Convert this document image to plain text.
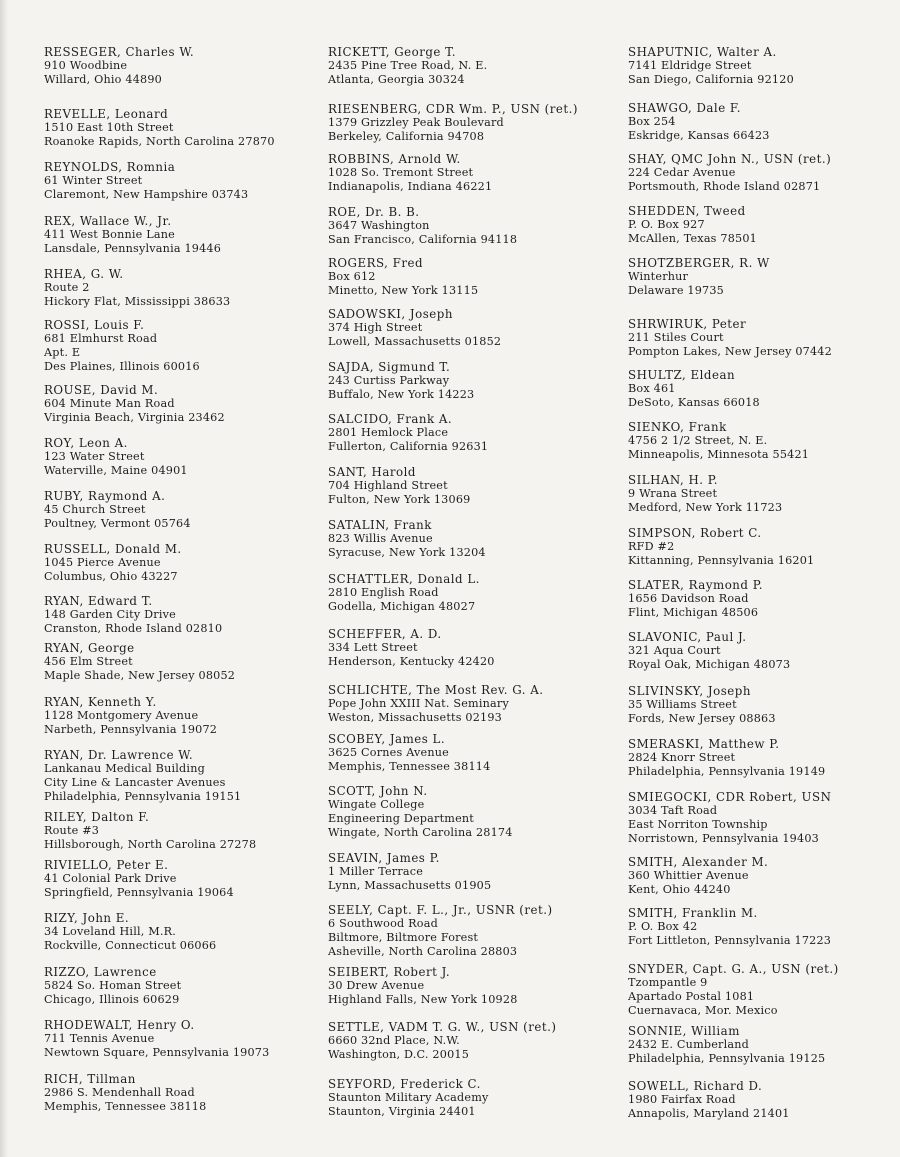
RESSEGER, Charles W.
910 Woodbine
Willard, Ohio 44890
REVELLE, Leonard
1510 East 10th Street
Roanoke Rapids, North Carolina 27870
REYNOLDS, Romnia
61 Winter Street
Claremont, New Hampshire 03743
REX, Wallace W., Jr.
411 West Bonnie Lane
Lansdale, Pennsylvania 19446
RHEA, G. W.
Route 2
Hickory Flat, Mississippi 38633
ROSSI, Louis F.
681 Elmhurst Road
Apt. E
Des Plaines, Illinois 60016
ROUSE, David M.
604 Minute Man Road
Virginia Beach, Virginia 23462
ROY, Leon A.
123 Water Street
Waterville, Maine 04901
RUBY, Raymond A.
45 Church Street
Poultney, Vermont 05764
RUSSELL, Donald M.
1045 Pierce Avenue
Columbus, Ohio 43227
RYAN, Edward T.
148 Garden City Drive
Cranston, Rhode Island 02810
RYAN, George
456 Elm Street
Maple Shade, New Jersey 08052
RYAN, Kenneth Y.
1128 Montgomery Avenue
Narbeth, Pennsylvania 19072
RYAN, Dr. Lawrence W.
Lankanau Medical Building
City Line & Lancaster Avenues
Philadelphia, Pennsylvania 19151
RILEY, Dalton F.
Route #3
Hillsborough, North Carolina 27278
RIVIELLO, Peter E.
41 Colonial Park Drive
Springfield, Pennsylvania 19064
RIZY, John E.
34 Loveland Hill, M.R.
Rockville, Connecticut 06066
RIZZO, Lawrence
5824 So. Homan Street
Chicago, Illinois 60629
RHODEWALT, Henry O.
711 Tennis Avenue
Newtown Square, Pennsylvania 19073
RICH, Tillman
2986 S. Mendenhall Road
Memphis, Tennessee 38118
RICKETT, George T.
2435 Pine Tree Road, N. E.
Atlanta, Georgia 30324
RIESENBERG, CDR Wm. P., USN (ret.)
1379 Grizzley Peak Boulevard
Berkeley, California 94708
ROBBINS, Arnold W.
1028 So. Tremont Street
Indianapolis, Indiana 46221
ROE, Dr. B. B.
3647 Washington
San Francisco, California 94118
ROGERS, Fred
Box 612
Minetto, New York 13115
SADOWSKI, Joseph
374 High Street
Lowell, Massachusetts 01852
SAJDA, Sigmund T.
243 Curtiss Parkway
Buffalo, New York 14223
SALCIDO, Frank A.
2801 Hemlock Place
Fullerton, California 92631
SANT, Harold
704 Highland Street
Fulton, New York 13069
SATALIN, Frank
823 Willis Avenue
Syracuse, New York 13204
SCHATTLER, Donald L.
2810 English Road
Godella, Michigan 48027
SCHEFFER, A. D.
334 Lett Street
Henderson, Kentucky 42420
SCHLICHTE, The Most Rev. G. A.
Pope John XXIII Nat. Seminary
Weston, Missachusetts 02193
SCOBEY, James L.
3625 Cornes Avenue
Memphis, Tennessee 38114
SCOTT, John N.
Wingate College
Engineering Department
Wingate, North Carolina 28174
SEAVIN, James P.
1 Miller Terrace
Lynn, Massachusetts 01905
SEELY, Capt. F. L., Jr., USNR (ret.)
6 Southwood Road
Biltmore, Biltmore Forest
Asheville, North Carolina 28803
SEIBERT, Robert J.
30 Drew Avenue
Highland Falls, New York 10928
SETTLE, VADM T. G. W., USN (ret.)
6660 32nd Place, N.W.
Washington, D.C. 20015
SEYFORD, Frederick C.
Staunton Military Academy
Staunton, Virginia 24401
SHAPUTNIC, Walter A.
7141 Eldridge Street
San Diego, California 92120
SHAWGO, Dale F.
Box 254
Eskridge, Kansas 66423
SHAY, QMC John N., USN (ret.)
224 Cedar Avenue
Portsmouth, Rhode Island 02871
SHEDDEN, Tweed
P. O. Box 927
McAllen, Texas 78501
SHOTZBERGER, R. W
Winterhur
Delaware 19735
SHRWIRUK, Peter
211 Stiles Court
Pompton Lakes, New Jersey 07442
SHULTZ, Eldean
Box 461
DeSoto, Kansas 66018
SIENKO, Frank
4756 2 1/2 Street, N. E.
Minneapolis, Minnesota 55421
SILHAN, H. P.
9 Wrana Street
Medford, New York 11723
SIMPSON, Robert C.
RFD #2
Kittanning, Pennsylvania 16201
SLATER, Raymond P.
1656 Davidson Road
Flint, Michigan 48506
SLAVONIC, Paul J.
321 Aqua Court
Royal Oak, Michigan 48073
SLIVINSKY, Joseph
35 Williams Street
Fords, New Jersey 08863
SMERASKI, Matthew P.
2824 Knorr Street
Philadelphia, Pennsylvania 19149
SMIEGOCKI, CDR Robert, USN
3034 Taft Road
East Norriton Township
Norristown, Pennsylvania 19403
SMITH, Alexander M.
360 Whittier Avenue
Kent, Ohio 44240
SMITH, Franklin M.
P. O. Box 42
Fort Littleton, Pennsylvania 17223
SNYDER, Capt. G. A., USN (ret.)
Tzompantle 9
Apartado Postal 1081
Cuernavaca, Mor. Mexico
SONNIE, William
2432 E. Cumberland
Philadelphia, Pennsylvania 19125
SOWELL, Richard D.
1980 Fairfax Road
Annapolis, Maryland 21401
